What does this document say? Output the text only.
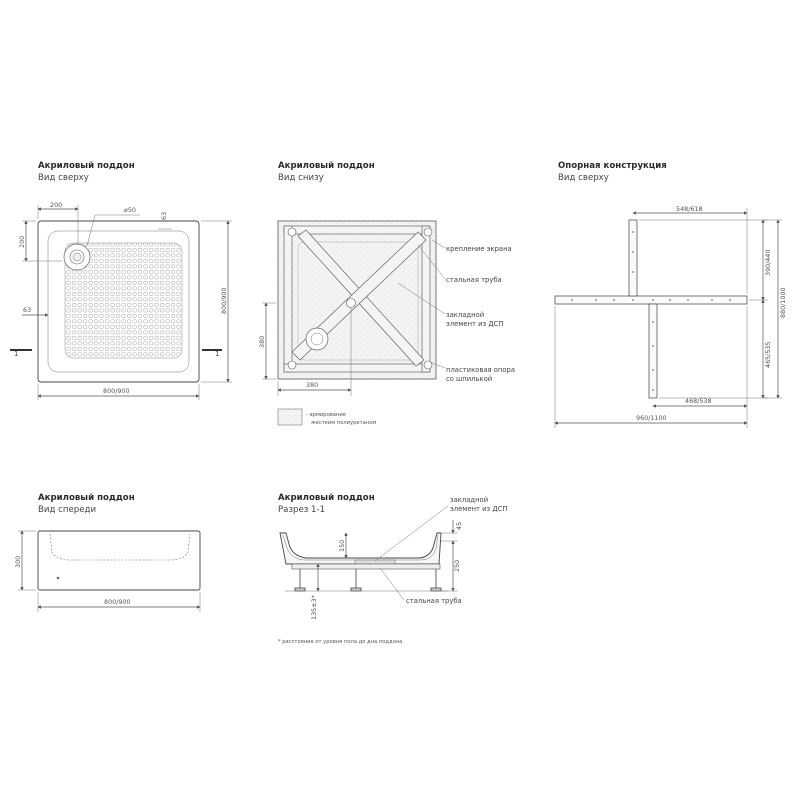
Акриловый поддон
Вид сверху
200
⌀50
63
200
63	800/900
800/900
1	1
Акриловый поддон
Вид снизу
крепление экрана
стальная труба
закладной
элемент из ДСП
пластиковая опора
со шпилькой
380
380
- армирование
жестким полиуретаном
Опорная конструкция
Вид сверху
548/618
390/440
880/1000
465/535
468/538
960/1100
Акриловый поддон
Вид спереди
300
800/900
Акриловый поддон
Разрез 1-1
закладной
элемент из ДСП
стальная труба
150
45
250
135±3*
* расстояние от уровня пола до дна поддона
